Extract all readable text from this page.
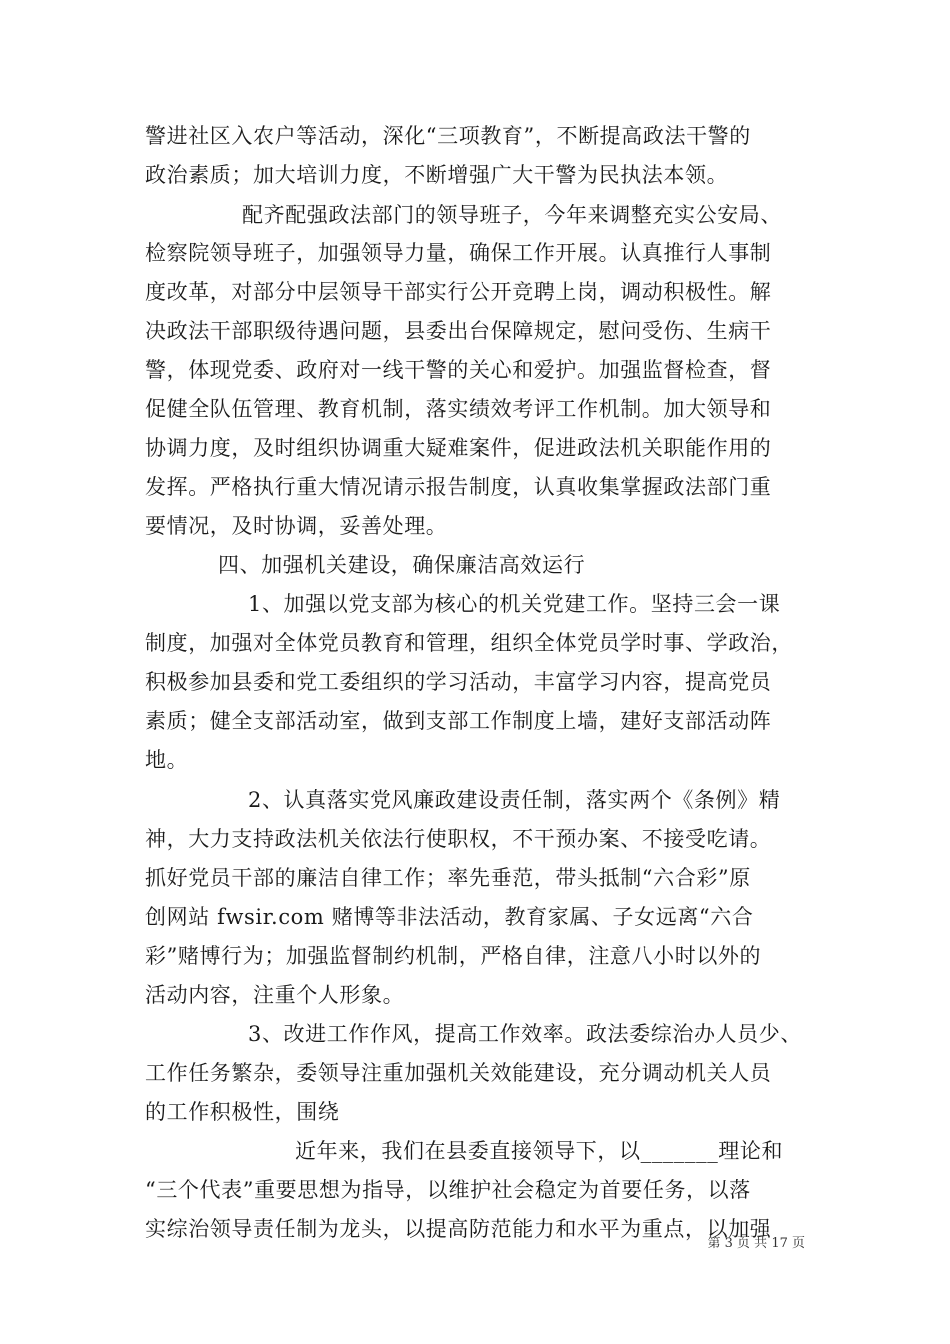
警进社区入农户等活动，深化“三项教育”，不断提高政法干警的
政治素质；加大培训力度，不断增强广大干警为民执法本领。
配齐配强政法部门的领导班子，今年来调整充实公安局、
检察院领导班子，加强领导力量，确保工作开展。认真推行人事制
度改革，对部分中层领导干部实行公开竞聘上岗，调动积极性。解
决政法干部职级待遇问题，县委出台保障规定，慰问受伤、生病干
警，体现党委、政府对一线干警的关心和爱护。加强监督检查，督
促健全队伍管理、教育机制，落实绩效考评工作机制。加大领导和
协调力度，及时组织协调重大疑难案件，促进政法机关职能作用的
发挥。严格执行重大情况请示报告制度，认真收集掌握政法部门重
要情况，及时协调，妥善处理。
四、加强机关建设，确保廉洁高效运行
1、加强以党支部为核心的机关党建工作。坚持三会一课
制度，加强对全体党员教育和管理，组织全体党员学时事、学政治，
积极参加县委和党工委组织的学习活动，丰富学习内容，提高党员
素质；健全支部活动室，做到支部工作制度上墙，建好支部活动阵
地。
2、认真落实党风廉政建设责任制，落实两个《条例》精
神，大力支持政法机关依法行使职权，不干预办案、不接受吃请。
抓好党员干部的廉洁自律工作；率先垂范，带头抵制“六合彩”原
创网站 fwsir.com 赌博等非法活动，教育家属、子女远离“六合
彩”赌博行为；加强监督制约机制，严格自律，注意八小时以外的
活动内容，注重个人形象。
3、改进工作作风，提高工作效率。政法委综治办人员少、
工作任务繁杂，委领导注重加强机关效能建设，充分调动机关人员
的工作积极性，围绕
近年来，我们在县委直接领导下，以_______理论和
“三个代表”重要思想为指导，以维护社会稳定为首要任务，以落
实综治领导责任制为龙头，以提高防范能力和水平为重点，以加强
第 3 页 共 17 页
